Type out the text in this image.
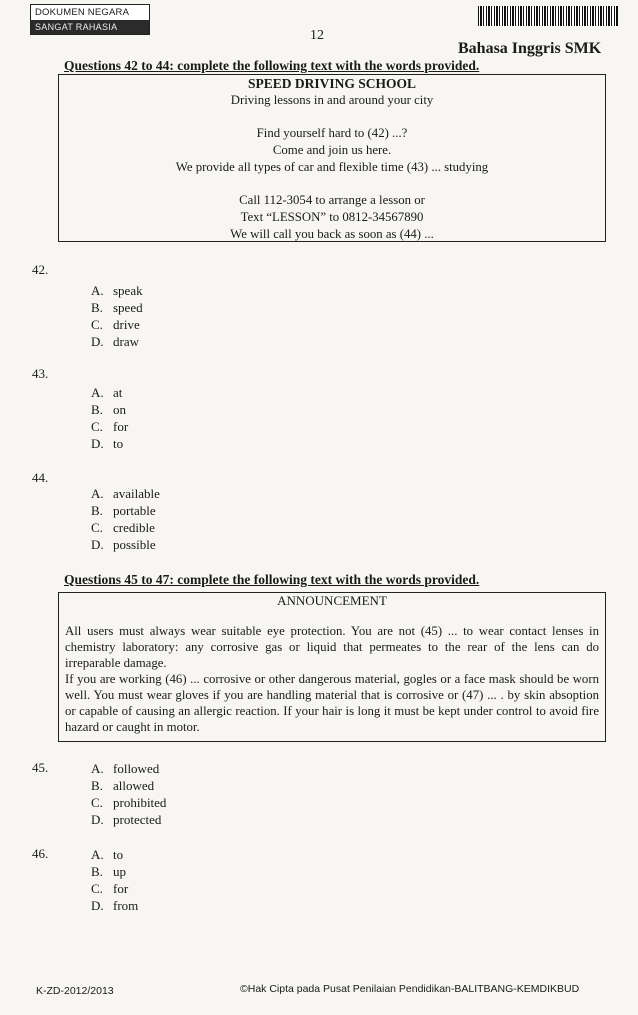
DOKUMEN NEGARA
SANGAT RAHASIA
12
Bahasa Inggris SMK
Questions 42 to 44: complete the following text with the words provided.
SPEED DRIVING SCHOOL
Driving lessons in and around your city
Find yourself hard to (42) ...?
Come and join us here.
We provide all types of car and flexible time (43) ... studying
Call 112-3054 to arrange a lesson or
Text “LESSON” to 0812-34567890
We will call you back as soon as (44) ...
42.
A. speak
B. speed
C. drive
D. draw
43.
A. at
B. on
C. for
D. to
44.
A. available
B. portable
C. credible
D. possible
Questions 45 to 47: complete the following text with the words provided.
ANNOUNCEMENT

All users must always wear suitable eye protection. You are not (45) ... to wear contact lenses in chemistry laboratory: any corrosive gas or liquid that permeates to the rear of the lens can do irreparable damage.

If you are working (46) ... corrosive or other dangerous material, gogles or a face mask should be worn well. You must wear gloves if you are handling material that is corrosive or (47) ... . by skin absoption or capable of causing an allergic reaction. If your hair is long it must be kept under control to avoid fire hazard or caught in motor.

45.	A. followed
B. allowed
C. prohibited
D. protected
46.	A. to
B. up
C. for
D. from
K-ZD-2012/2013	©Hak Cipta pada Pusat Penilaian Pendidikan-BALITBANG-KEMDIKBUD
